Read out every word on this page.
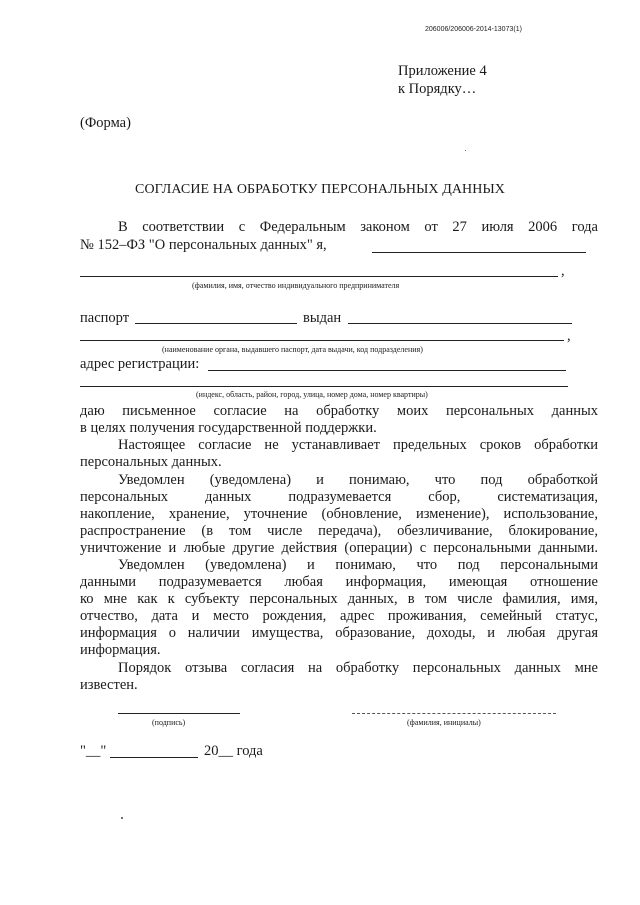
206006/206006-2014-13073(1)
Приложение 4
к Порядку…
(Форма)
СОГЛАСИЕ НА ОБРАБОТКУ ПЕРСОНАЛЬНЫХ ДАННЫХ
В соответствии с Федеральным законом от 27 июля 2006 года
№ 152–ФЗ "О персональных данных" я,
,
(фамилия, имя, отчество индивидуального предпринимателя
паспорт	выдан
,
(наименование органа, выдавшего паспорт, дата выдачи, код подразделения)
адрес регистрации:
(индекс, область, район, город, улица, номер дома, номер квартиры)
даю письменное согласие на обработку моих персональных данных
в целях получения государственной поддержки.
Настоящее согласие не устанавливает предельных сроков обработки
персональных данных.
Уведомлен (уведомлена) и понимаю, что под обработкой
персональных данных подразумевается сбор, систематизация,
накопление, хранение, уточнение (обновление, изменение), использование,
распространение (в том числе передача), обезличивание, блокирование,
уничтожение и любые другие действия (операции) с персональными данными.
Уведомлен (уведомлена) и понимаю, что под персональными
данными подразумевается любая информация, имеющая отношение
ко мне как к субъекту персональных данных, в том числе фамилия, имя,
отчество, дата и место рождения, адрес проживания, семейный статус,
информация о наличии имущества, образование, доходы, и любая другая
информация.
Порядок отзыва согласия на обработку персональных данных мне
известен.
(подпись)	(фамилия, инициалы)
"__"	20__ года
